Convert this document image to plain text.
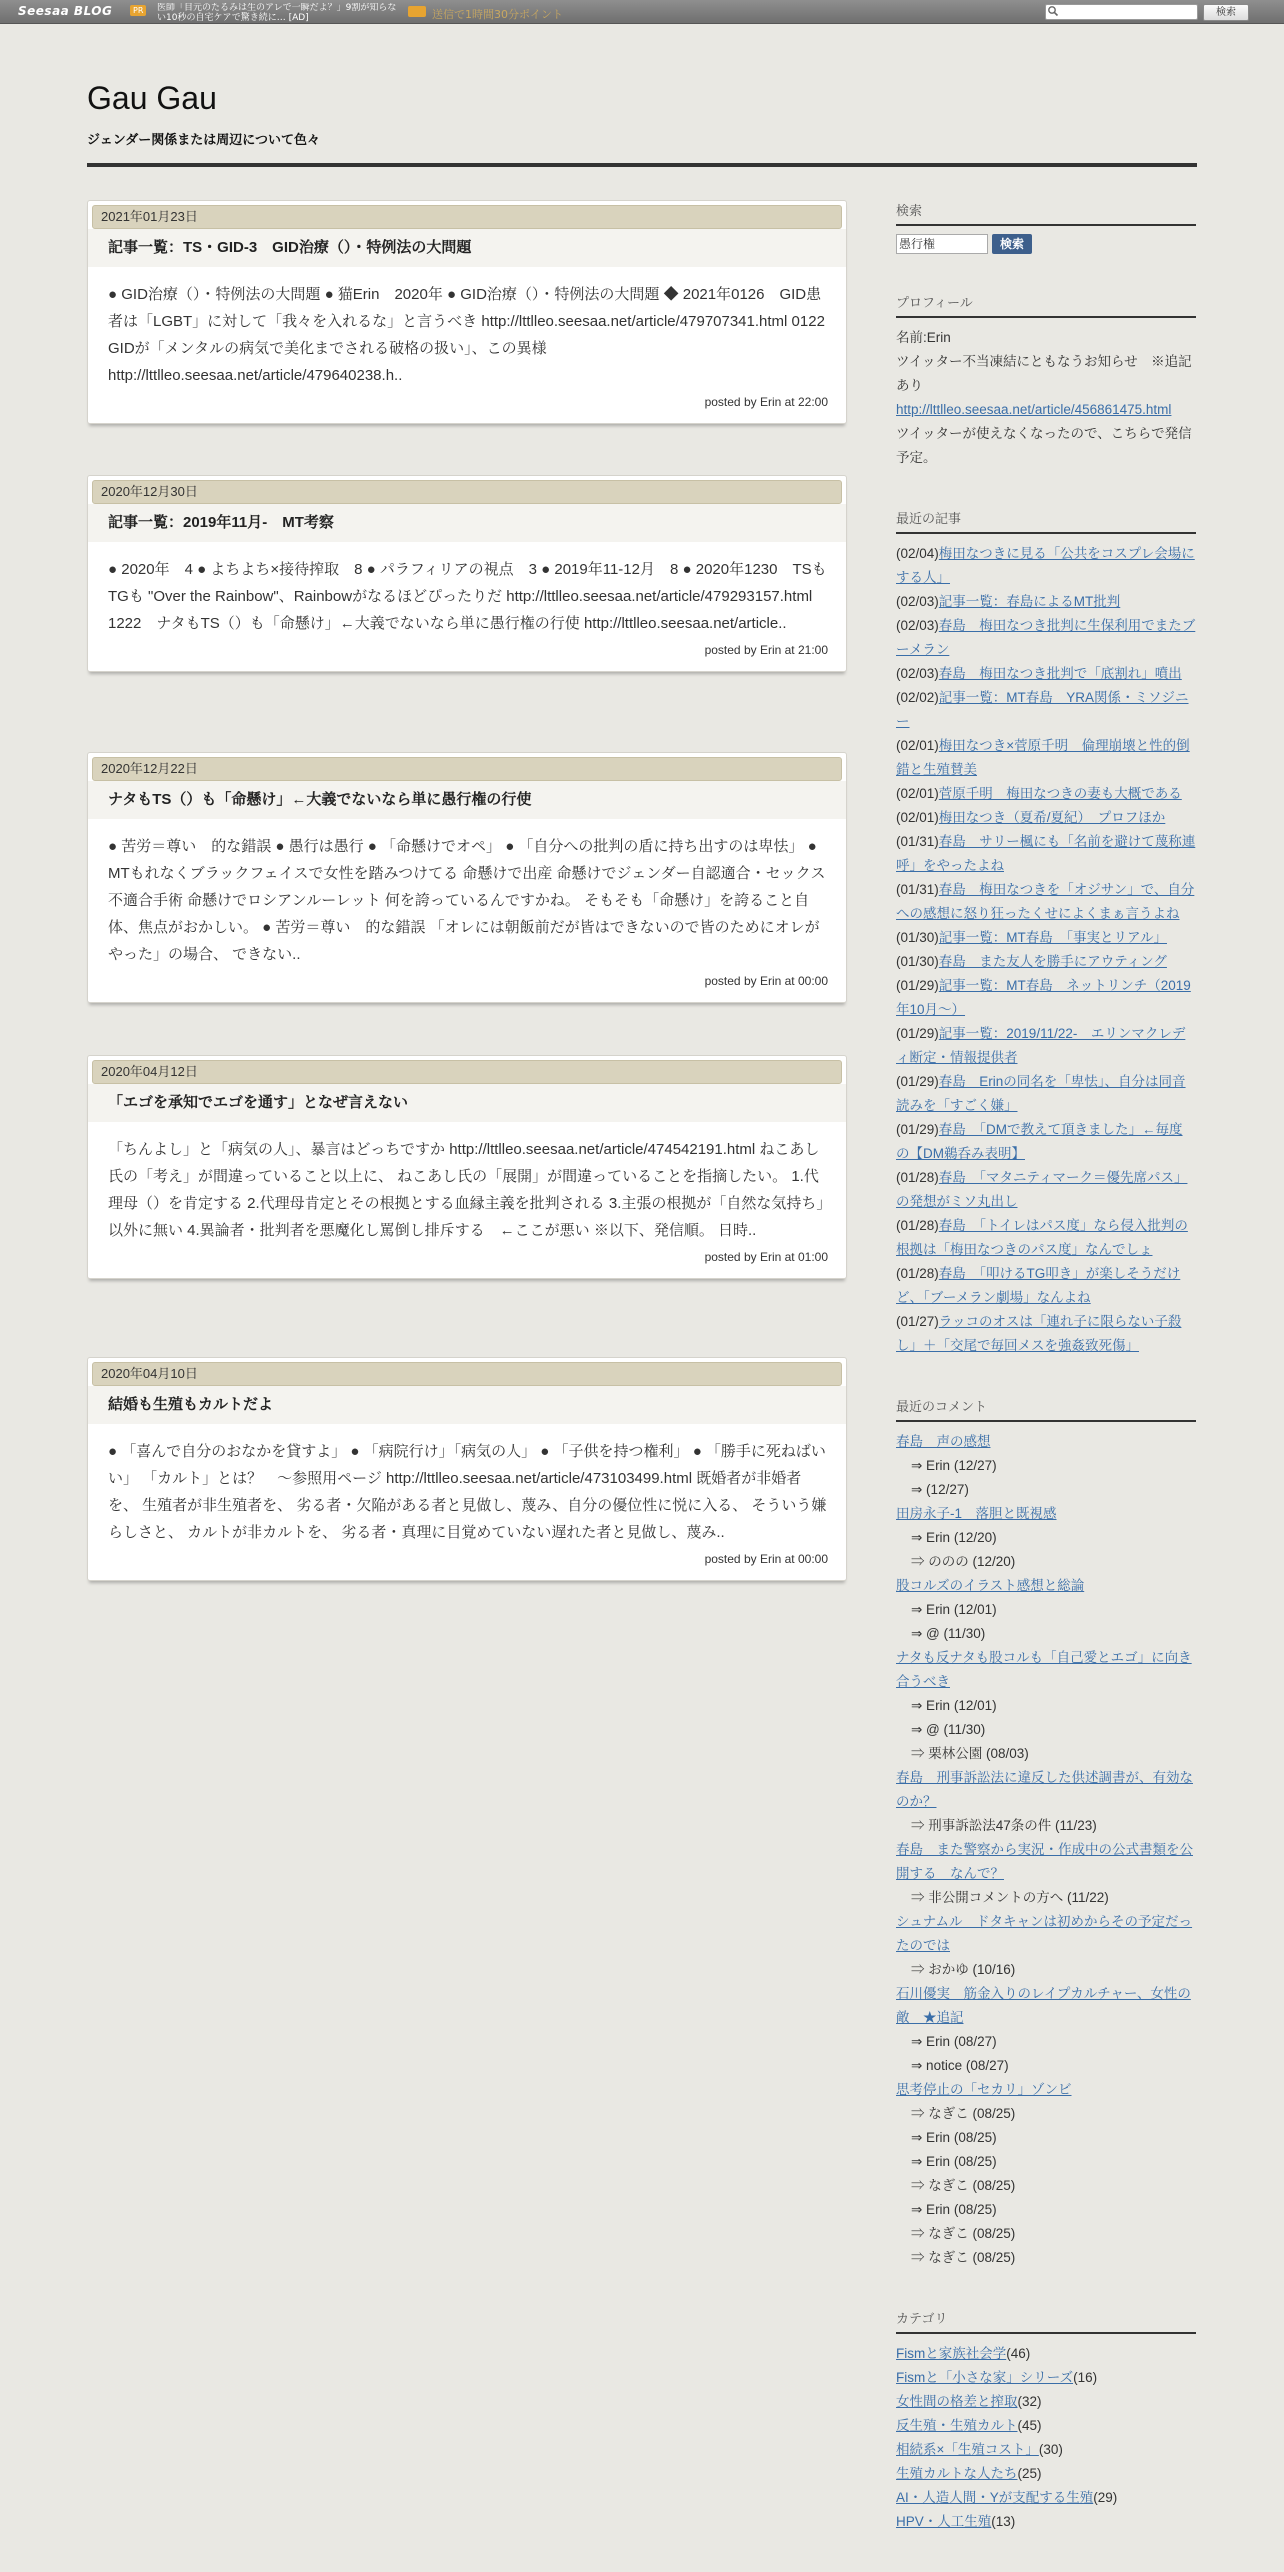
Seesaa BLOG	PR	医師「目元のたるみは生のアレで一瞬だよ？」9割が知らない10秒の自宅ケアで驚き続に… [AD]	送信で1時間30分ポイント	検索
Gau Gau
ジェンダー関係または周辺について色々
2021年01月23日
記事一覧：TS・GID-3　GID治療（）・特例法の大問題
● GID治療（）・特例法の大問題 ● 猫Erin　2020年 ● GID治療（）・特例法の大問題 ◆ 2021年0126　GID患者は「LGBT」に対して「我々を入れるな」と言うべき http://lttlleo.seesaa.net/article/479707341.html 0122　GIDが「メンタルの病気で美化までされる破格の扱い」、この異様 http://lttlleo.seesaa.net/article/479640238.h..
posted by Erin at 22:00
2020年12月30日
記事一覧：2019年11月-　MT考察
● 2020年　4 ● よちよち×接待搾取　8 ● パラフィリアの視点　3 ● 2019年11-12月　8 ● 2020年1230　TSもTGも "Over the Rainbow"、Rainbowがなるほどぴったりだ http://lttlleo.seesaa.net/article/479293157.html 1222　ナタもTS（）も「命懸け」←大義でないなら単に愚行権の行使 http://lttlleo.seesaa.net/article..
posted by Erin at 21:00
2020年12月22日
ナタもTS（）も「命懸け」←大義でないなら単に愚行権の行使
● 苦労＝尊い　的な錯誤 ● 愚行は愚行 ● 「命懸けでオペ」 ● 「自分への批判の盾に持ち出すのは卑怯」 ● MTもれなくブラックフェイスで女性を踏みつけてる 命懸けで出産 命懸けでジェンダー自認適合・セックス不適合手術 命懸けでロシアンルーレット 何を誇っているんですかね。 そもそも「命懸け」を誇ること自体、焦点がおかしい。 ● 苦労＝尊い　的な錯誤 「オレには朝飯前だが皆はできないので皆のためにオレがやった」の場合、 できない..
posted by Erin at 00:00
2020年04月12日
「エゴを承知でエゴを通す」となぜ言えない
「ちんよし」と「病気の人」、暴言はどっちですか http://lttlleo.seesaa.net/article/474542191.html ねこあし氏の「考え」が間違っていること以上に、 ねこあし氏の「展開」が間違っていることを指摘したい。 1.代理母（）を肯定する 2.代理母肯定とその根拠とする血縁主義を批判される 3.主張の根拠が「自然な気持ち」以外に無い 4.異論者・批判者を悪魔化し罵倒し排斥する　←ここが悪い ※以下、発信順。 日時..
posted by Erin at 01:00
2020年04月10日
結婚も生殖もカルトだよ
● 「喜んで自分のおなかを貸すよ」 ● 「病院行け」「病気の人」 ● 「子供を持つ権利」 ● 「勝手に死ねばいい」 「カルト」とは？　～参照用ページ http://lttlleo.seesaa.net/article/473103499.html 既婚者が非婚者を、 生殖者が非生殖者を、 劣る者・欠陥がある者と見做し、蔑み、自分の優位性に悦に入る、 そういう嫌らしさと、 カルトが非カルトを、 劣る者・真理に目覚めていない遅れた者と見做し、蔑み..
posted by Erin at 00:00
検索
愚行権	検索
プロフィール
名前:Erin
ツイッター不当凍結にともなうお知らせ　※追記あり
http://lttlleo.seesaa.net/article/456861475.html
ツイッターが使えなくなったので、こちらで発信予定。
最近の記事
(02/04)梅田なつきに見る「公共をコスプレ会場にする人」
(02/03)記事一覧：春島によるMT批判
(02/03)春島　梅田なつき批判に生保利用でまたブーメラン
(02/03)春島　梅田なつき批判で「底割れ」噴出
(02/02)記事一覧：MT春島　YRA関係・ミソジニー
(02/01)梅田なつき×菅原千明　倫理崩壊と性的倒錯と生殖賛美
(02/01)菅原千明　梅田なつきの妻も大概である
(02/01)梅田なつき（夏希/夏紀）　プロフほか
(01/31)春島　サリー楓にも「名前を避けて蔑称連呼」をやったよね
(01/31)春島　梅田なつきを「オジサン」で、自分への感想に怒り狂ったくせによくまぁ言うよね
(01/30)記事一覧：MT春島　「事実とリアル」
(01/30)春島　また友人を勝手にアウティング
(01/29)記事一覧：MT春島　ネットリンチ（2019年10月～）
(01/29)記事一覧：2019/11/22-　エリンマクレディ断定・情報提供者
(01/29)春島　Erinの同名を「卑怯」、自分は同音読みを「すごく嫌」
(01/29)春島　「DMで教えて頂きました」←毎度の【DM鵜呑み表明】
(01/28)春島　「マタニティマーク＝優先席パス」の発想がミソ丸出し
(01/28)春島　「トイレはパス度」なら侵入批判の根拠は「梅田なつきのパス度」なんでしょ
(01/28)春島　「叩けるTG叩き」が楽しそうだけど、「ブーメラン劇場」なんよね
(01/27)ラッコのオスは「連れ子に限らない子殺し」＋「交尾で毎回メスを強姦致死傷」
最近のコメント
春島　声の感想
⇒ Erin (12/27)
⇒ (12/27)
田房永子-1　落胆と既視感
⇒ Erin (12/20)
⇒ ののの (12/20)
股コルズのイラスト感想と総論
⇒ Erin (12/01)
⇒ @ (11/30)
ナタも反ナタも股コルも「自己愛とエゴ」に向き合うべき
⇒ Erin (12/01)
⇒ @ (11/30)
⇒ 栗林公園 (08/03)
春島　刑事訴訟法に違反した供述調書が、有効なのか？
⇒ 刑事訴訟法47条の件 (11/23)
春島　また警察から実況・作成中の公式書類を公開する　なんで？
⇒ 非公開コメントの方へ (11/22)
シュナムル　ドタキャンは初めからその予定だったのでは
⇒ おかゆ (10/16)
石川優実　筋金入りのレイプカルチャー、女性の敵　★追記
⇒ Erin (08/27)
⇒ notice (08/27)
思考停止の「セカリ」ゾンビ
⇒ なぎこ (08/25)
⇒ Erin (08/25)
⇒ Erin (08/25)
⇒ なぎこ (08/25)
⇒ Erin (08/25)
⇒ なぎこ (08/25)
⇒ なぎこ (08/25)
カテゴリ
Fismと家族社会学(46)
Fismと「小さな家」シリーズ(16)
女性間の格差と搾取(32)
反生殖・生殖カルト(45)
相続系×「生殖コスト」(30)
生殖カルトな人たち(25)
AI・人造人間・Yが支配する生殖(29)
HPV・人工生殖(13)
